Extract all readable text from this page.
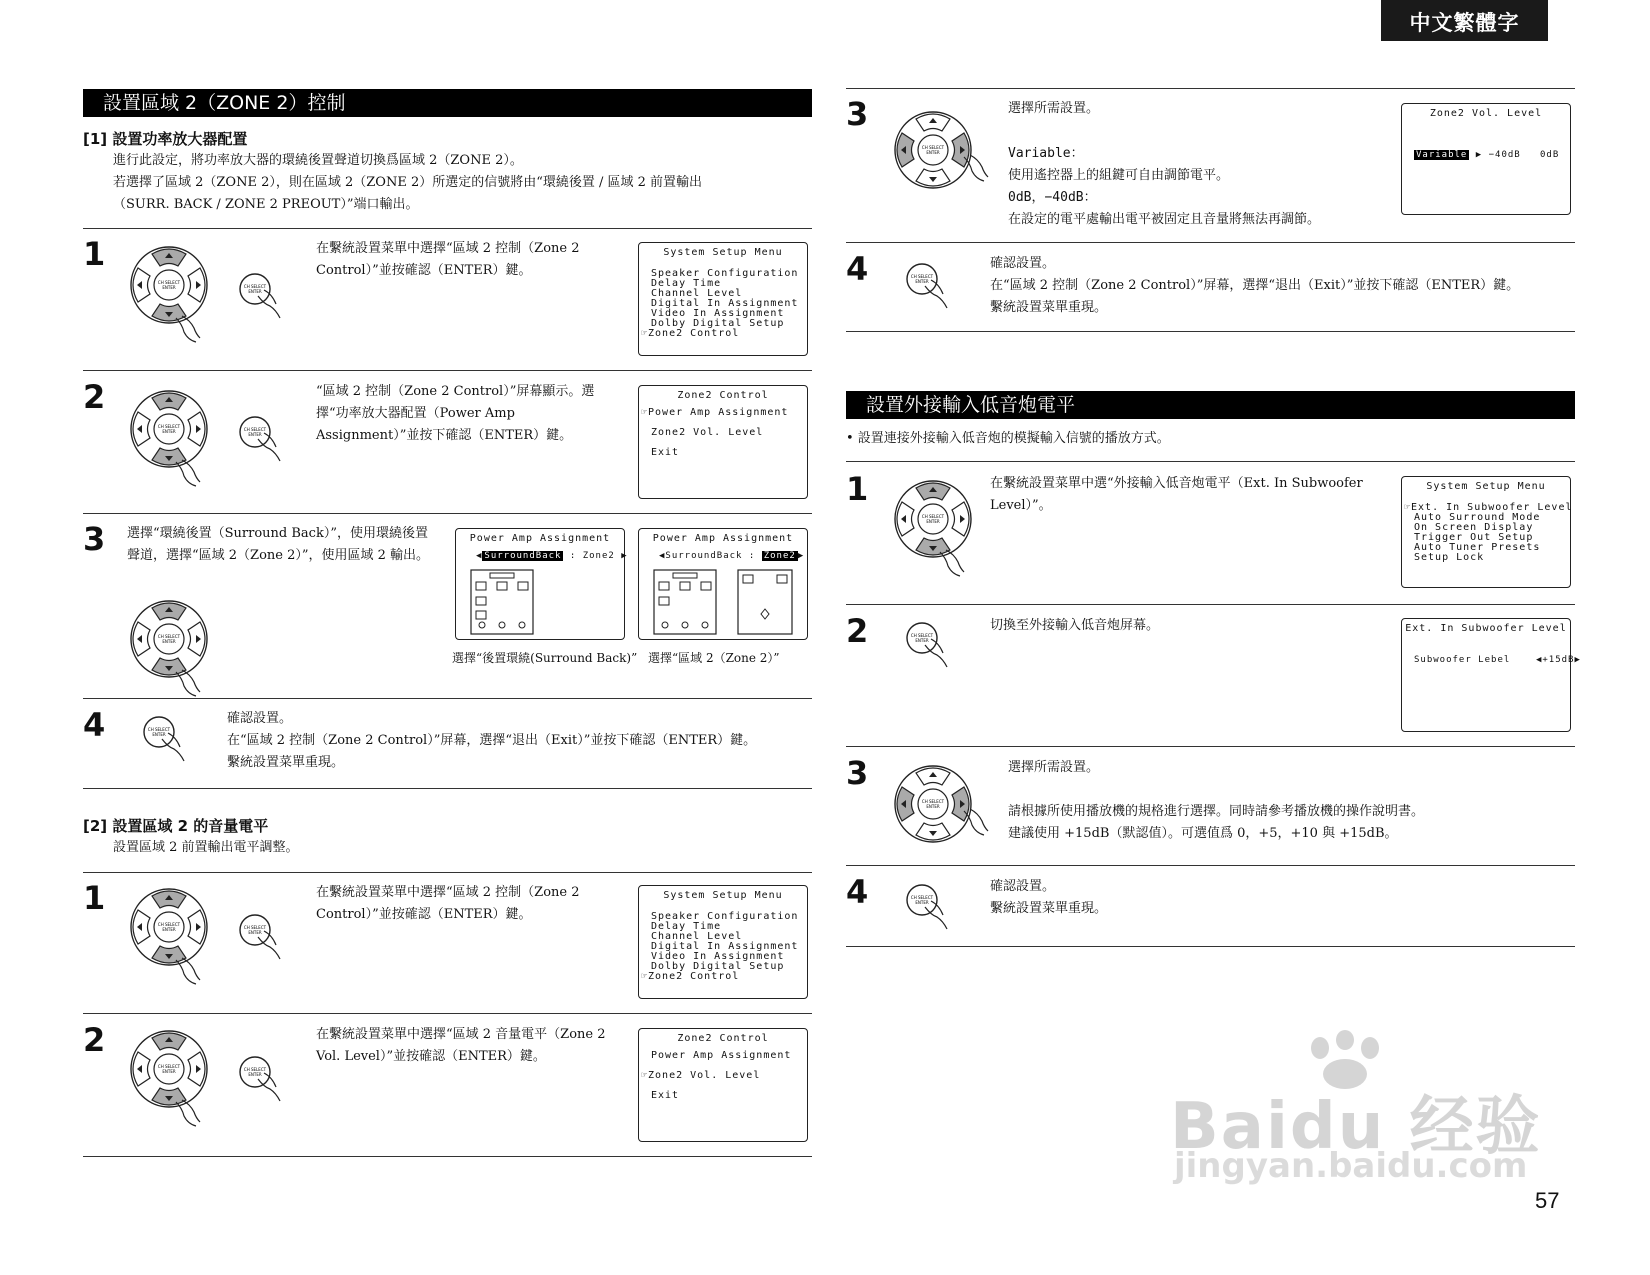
中文繁體字
設置區域 2（ZONE 2）控制
[1] 設置功率放大器配置
進行此設定，將功率放大器的環繞後置聲道切換爲區域 2（ZONE 2）。
若選擇了區域 2（ZONE 2），則在區域 2（ZONE 2）所選定的信號將由“環繞後置 / 區域 2 前置輸出
（SURR. BACK / ZONE 2 PREOUT）”端口輸出。
1
CH SELECT
ENTER	CH SELECT
ENTER
在繫統設置菜單中選擇“區域 2 控制（Zone 2 Control）”並按確認（ENTER）鍵。
System Setup Menu
Speaker Configuration
Delay Time
Channel Level
Digital In Assignment
Video In Assignment
Dolby Digital Setup
☞Zone2 Control
2
CH SELECT
ENTER	CH SELECT
ENTER
“區域 2 控制（Zone 2 Control）”屏幕顯示。選擇“功率放大器配置（Power Amp Assignment）”並按下確認（ENTER）鍵。
Zone2 Control
☞Power Amp Assignment
Zone2 Vol. Level
Exit
3 選擇“環繞後置（Surround Back）”，使用環繞後置聲道，選擇“區域 2（Zone 2）”，使用區域 2 輸出。
CH SELECT
ENTER
Power Amp Assignment
◀ SurroundBack : Zone2 ▶
Power Amp Assignment
◀SurroundBack : Zone2 ▶
選擇“後置環繞(Surround Back)” 選擇“區域 2（Zone 2）”
4	CH SELECT
ENTER
確認設置。
在“區域 2 控制（Zone 2 Control）”屏幕，選擇“退出（Exit）”並按下確認（ENTER）鍵。
繫統設置菜單重現。
[2] 設置區域 2 的音量電平
設置區域 2 前置輸出電平調整。
1
CH SELECT
ENTER	CH SELECT
ENTER
在繫統設置菜單中選擇“區域 2 控制（Zone 2 Control）”並按確認（ENTER）鍵。
System Setup Menu
Speaker Configuration
Delay Time
Channel Level
Digital In Assignment
Video In Assignment
Dolby Digital Setup
☞Zone2 Control
2
CH SELECT
ENTER	CH SELECT
ENTER
在繫統設置菜單中選擇“區域 2 音量電平（Zone 2 Vol. Level）”並按確認（ENTER）鍵。
Zone2 Control
Power Amp Assignment
☞Zone2 Vol. Level
Exit
3
CH SELECT
ENTER
選擇所需設置。
Variable：
使用遙控器上的組鍵可自由調節電平。
0dB，−40dB：
在設定的電平處輸出電平被固定且音量將無法再調節。
Zone2 Vol. Level
Variable ▶ −40dB 0dB
4	CH SELECT
ENTER
確認設置。
在“區域 2 控制（Zone 2 Control）”屏幕，選擇“退出（Exit）”並按下確認（ENTER）鍵。
繫統設置菜單重現。
設置外接輸入低音炮電平
• 設置連接外接輸入低音炮的模擬輸入信號的播放方式。
1
CH SELECT
ENTER
在繫統設置菜單中選“外接輸入低音炮電平（Ext. In Subwoofer Level）”。
System Setup Menu
☞Ext. In Subwoofer Level
Auto Surround Mode
On Screen Display
Trigger Out Setup
Auto Tuner Presets
Setup Lock
2	CH SELECT
ENTER
切換至外接輸入低音炮屏幕。	Ext. In Subwoofer Level
Subwoofer Lebel	◀+15dB▶
3
CH SELECT
ENTER
選擇所需設置。
請根據所使用播放機的規格進行選擇。同時請參考播放機的操作說明書。
建議使用 +15dB（默認值）。可選值爲 0，+5，+10 與 +15dB。
4	CH SELECT
ENTER
確認設置。
繫統設置菜單重現。
Baidu 经验
jingyan.baidu.com
57
